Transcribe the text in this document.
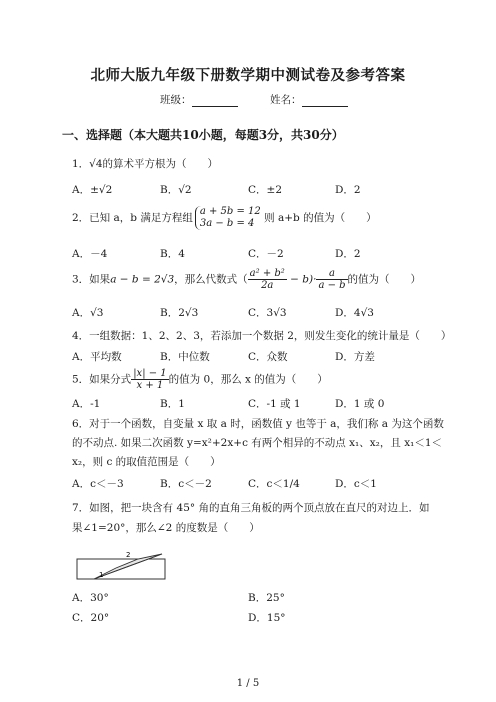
北师大版九年级下册数学期中测试卷及参考答案
班级：	姓名：
一、选择题（本大题共10小题，每题3分，共30分）
1．√4的算术平方根为（　　）
A．±√2	B．√2	C．±2	D．2
2．已知 a，b 满足方程组a + 5b = 12
3a − b = 4 则 a+b 的值为（　　）
A．－4	B．4	C．－2	D．2
3．如果a − b = 2√3，那么代数式（ $\frac{\text{a² + b²}}{2a} - b)\cdot \frac{a}{a - b}$ 的值为（　　）
A．√3	B．2√3	C．3√3	D．4√3
4．一组数据：1、2、2、3，若添加一个数据 2，则发生变化的统计量是（　　）
A．平均数	B．中位数	C．众数	D．方差
5．如果分式 $\frac{|x| - 1}{x + 1}$ 的值为 0，那么 x 的值为（　　）
A．-1	B．1	C．-1 或 1	D．1 或 0
6．对于一个函数，自变量 x 取 a 时，函数值 y 也等于 a，我们称 a 为这个函数
的不动点. 如果二次函数 y=x²+2x+c 有两个相异的不动点 x₁、x₂，且 x₁＜1＜
x₂，则 c 的取值范围是（　　）
A．c＜－3	B．c＜－2	C．c＜1/4	D．c＜1
7．如图，把一块含有 45° 角的直角三角板的两个顶点放在直尺的对边上．如
果∠1=20°，那么∠2 的度数是（　　）
2
1
A．30°	B．25°
C．20°	D．15°
1 / 5
